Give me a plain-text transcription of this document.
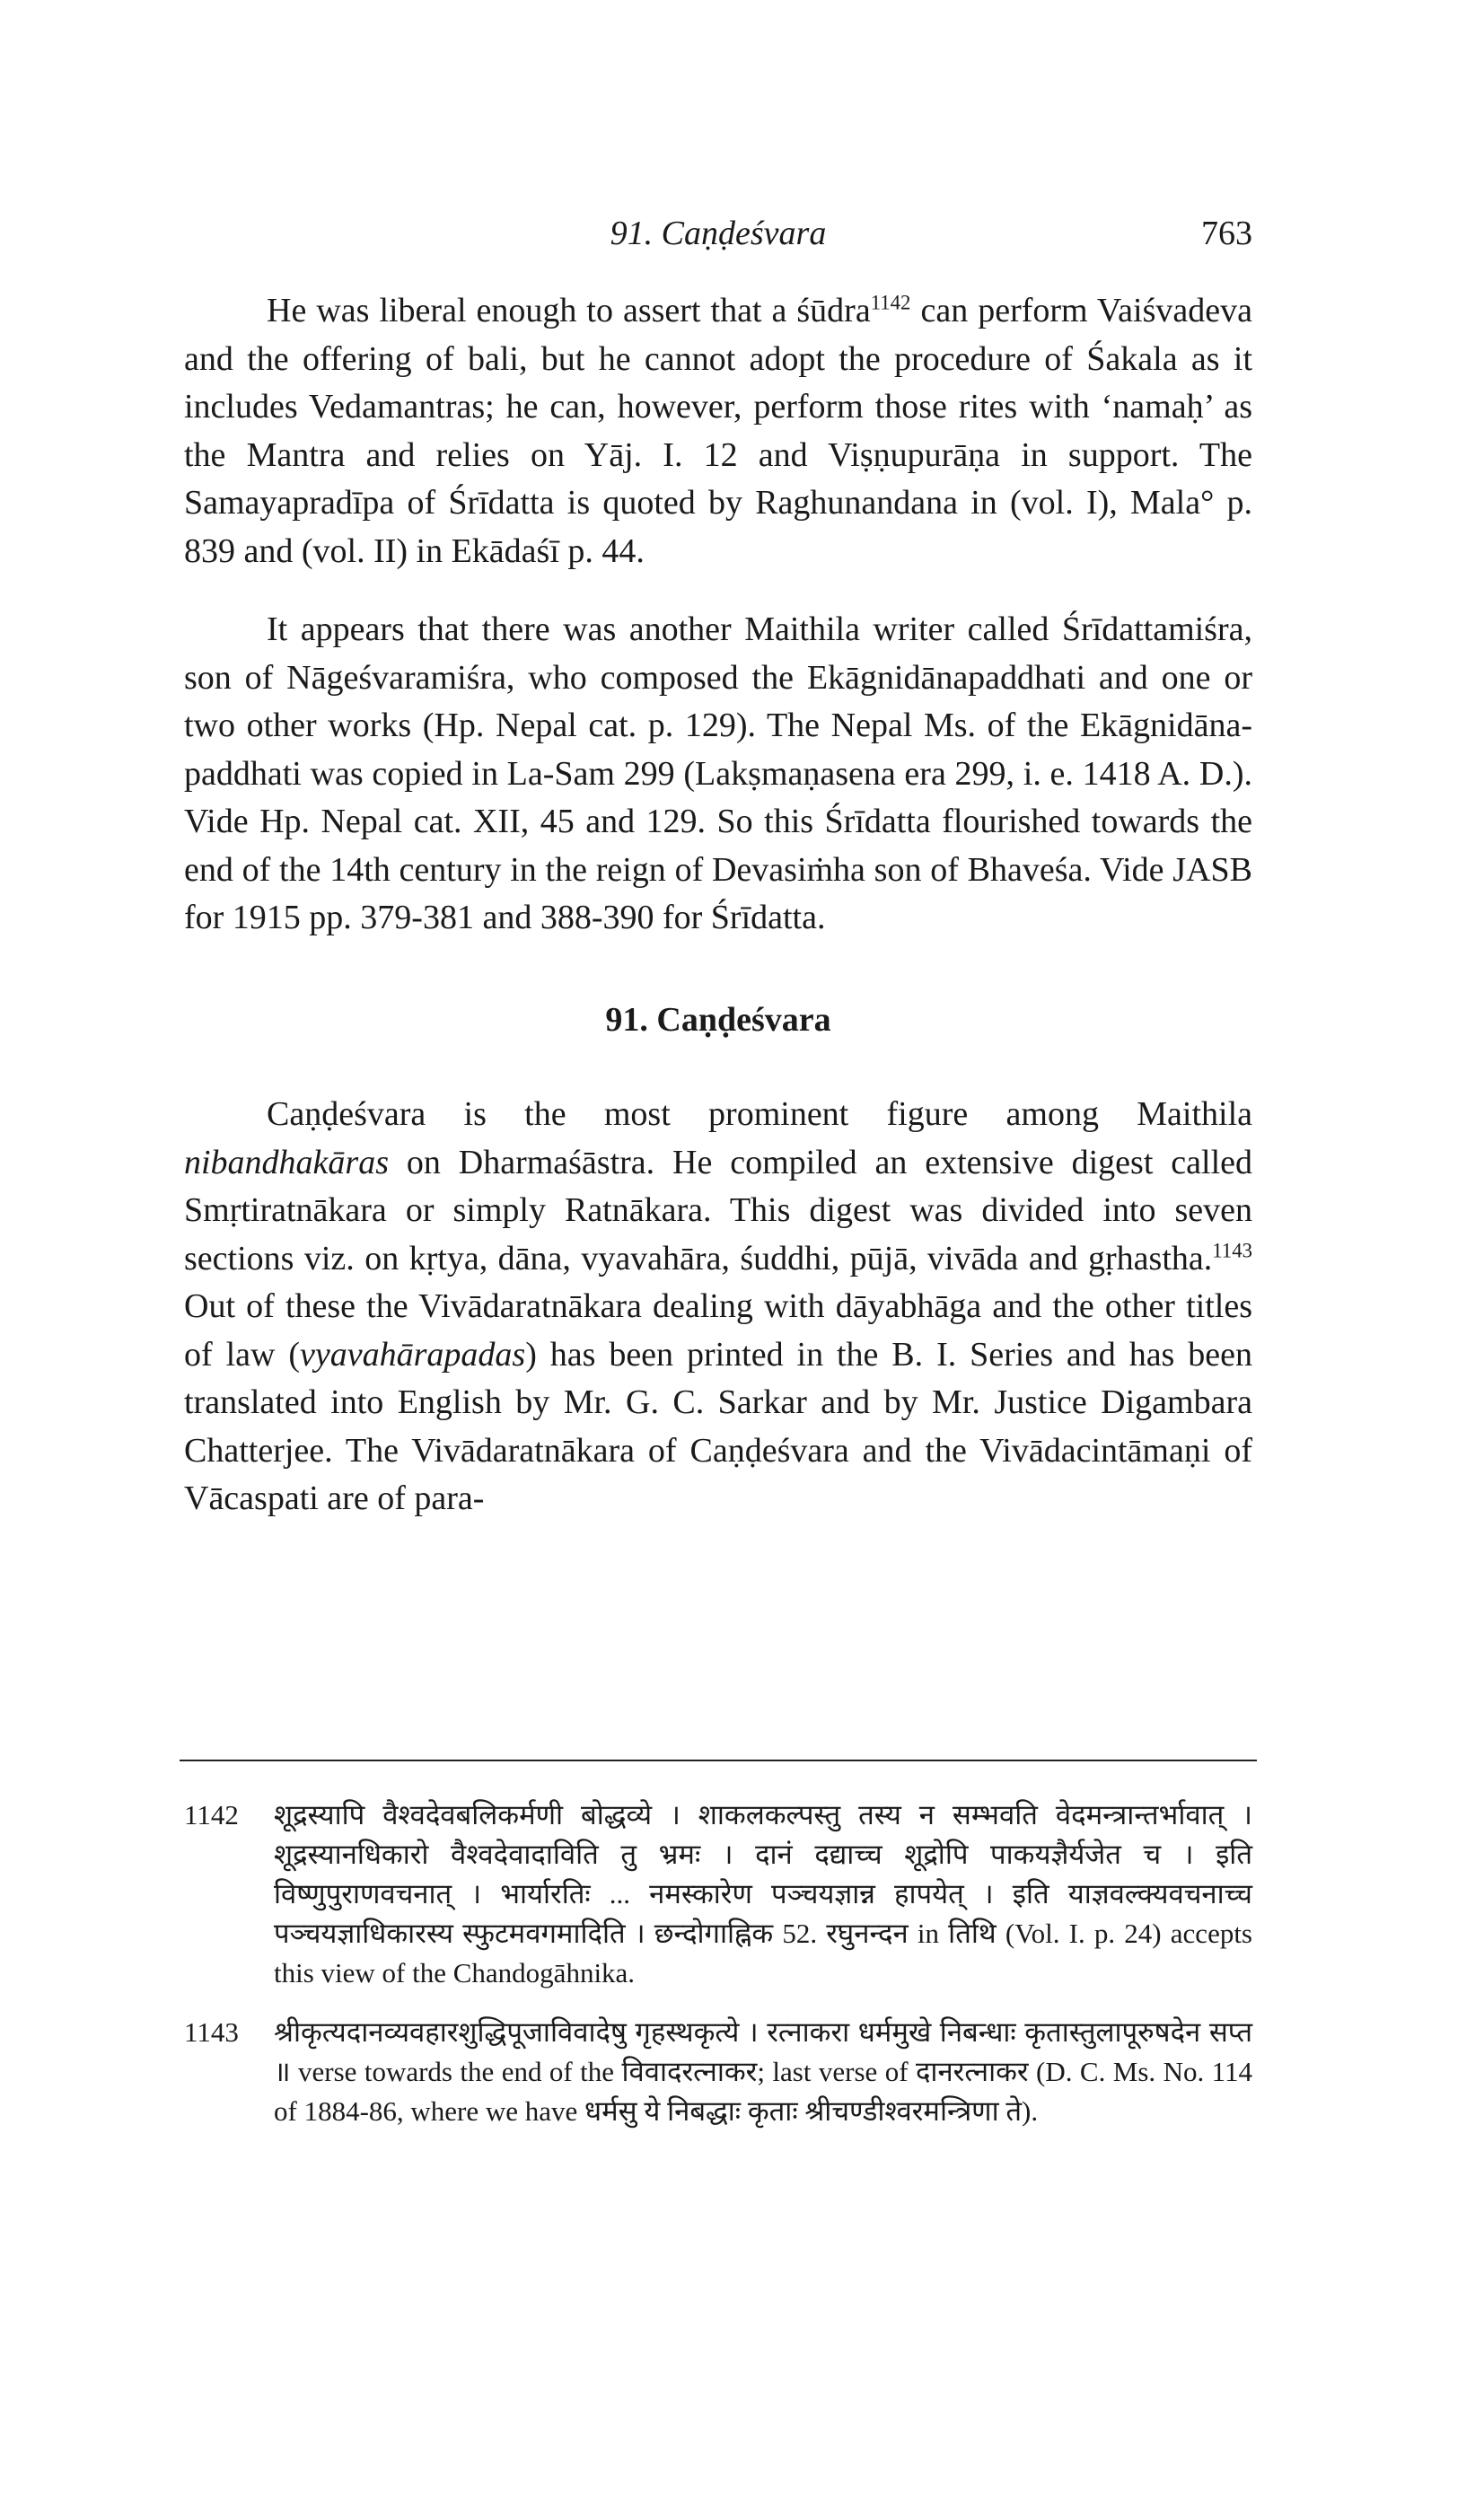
91. Caṇḍeśvara	763

He was liberal enough to assert that a śūdra$^{1142}$ can perform Vaiśvadeva and the offering of bali, but he cannot adopt the procedure of Śakala as it includes Vedamantras; he can, however, perform those rites with ‘namaḥ’ as the Mantra and relies on Yāj. I. 12 and Viṣṇupurāṇa in support. The Samayapradīpa of Śrīdatta is quoted by Raghunandana in (vol. I), Mala° p. 839 and (vol. II) in Ekādaśī p. 44.

It appears that there was another Maithila writer called Śrīdattamiśra, son of Nāgeśvaramiśra, who composed the Ekāgnidānapaddhati and one or two other works (Hp. Nepal cat. p. 129). The Nepal Ms. of the Ekāgnidāna-paddhati was copied in La-Sam 299 (Lakṣmaṇasena era 299, i. e. 1418 A. D.). Vide Hp. Nepal cat. XII, 45 and 129. So this Śrīdatta flourished towards the end of the 14th century in the reign of Devasiṁha son of Bhaveśa. Vide JASB for 1915 pp. 379-381 and 388-390 for Śrīdatta.

91. Caṇḍeśvara

Caṇḍeśvara is the most prominent figure among Maithila nibandhakāras on Dharmaśāstra. He compiled an extensive digest called Smṛtiratnākara or simply Ratnākara. This digest was divided into seven sections viz. on kṛtya, dāna, vyavahāra, śuddhi, pūjā, vivāda and gṛhastha.$^{1143}$ Out of these the Vivādaratnākara dealing with dāyabhāga and the other titles of law (vyavahārapadas) has been printed in the B. I. Series and has been translated into English by Mr. G. C. Sarkar and by Mr. Justice Digambara Chatterjee. The Vivādaratnākara of Caṇḍeśvara and the Vivādacintāmaṇi of Vācaspati are of para-

1142	शूद्रस्यापि वैश्वदेवबलिकर्मणी बोद्धव्ये । शाकलकल्पस्तु तस्य न सम्भवति वेदमन्त्रान्तर्भावात् । शूद्रस्यानधिकारो वैश्वदेवादाविति तु भ्रमः । दानं दद्याच्च शूद्रोपि पाकयज्ञैर्यजेत च । इति विष्णुपुराणवचनात् । भार्यारतिः ... नमस्कारेण पञ्चयज्ञान्न हापयेत् । इति याज्ञवल्क्यवचनाच्च पञ्चयज्ञाधिकारस्य स्फुटमवगमादिति । छन्दोगाह्निक 52. रघुनन्दन in तिथि (Vol. I. p. 24) accepts this view of the Chandogāhnika.
1143	श्रीकृत्यदानव्यवहारशुद्धिपूजाविवादेषु गृहस्थकृत्ये । रत्नाकरा धर्ममुखे निबन्धाः कृतास्तुलापूरुषदेन सप्त ॥ verse towards the end of the विवादरत्नाकर; last verse of दानरत्नाकर (D. C. Ms. No. 114 of 1884-86, where we have धर्मसु ये निबद्धाः कृताः श्रीचण्डीश्वरमन्त्रिणा ते).
